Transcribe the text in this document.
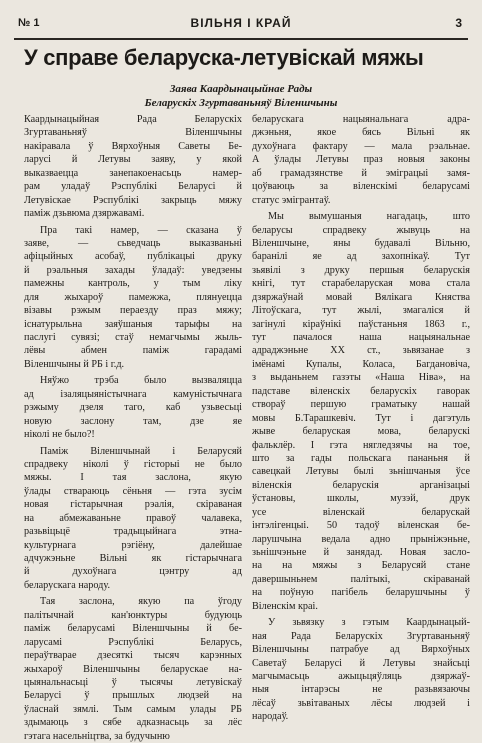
№ 1	ВІЛЬНЯ І КРАЙ	3
У справе беларуска-летувіскай мяжы
Заява Каардынацыйнае Рады
Беларускіх Згуртаваньняў Віленшчыны
Каардынацыйная Рада Беларускіх
Згуртаваньняў Віленшчыны
накіравала ў Вярхоўныя Саветы Бе-
ларусі й Летувы заяву, у якой
выказваецца занепакоенасьць намер-
рам уладаў Рэспублікі Беларусі й
Летувіскае Рэспублікі закрыць мяжу
паміж дзьвюма дзяржавамі.
Пра такі намер, — сказана ў
заяве, — сьведчаць выказваньні
афіцыйных асобаў, публікацыі друку
й рэальныя захады ўладаў: уведзены
памежны кантроль, у тым ліку
для жыхароў памежжа, плянуецца
візавы рэжым пераезду праз мяжу;
існатурыльна заяўшаныя тарыфы на
паслугі сувязі; стаў немагчымы жыль-
лёвы абмен паміж гарадамі
Віленшчыны й РБ і г.д.
Няўжо трэба было вызваляцца
ад ізаляцыяністычнага камуністычнага
рэжыму дзеля таго, каб узьвесьці
новую заслону там, дзе яе
ніколі не было?!
Паміж Віленшчынай і Беларусяй
спрадвеку ніколі ў гісторыі не было
мяжы. І тая заслона, якую
ўлады ствараюць сёньня — гэта зусім
новая гістарычная рэалія, скіраваная
на абмежаваньне правоў чалавека,
разьвіцьцё традыцыйнага этна-
культурнага рэгіёну, далейшае
адчужэньне Вільні як гістарычнага
й духоўнага цэнтру ад
беларускага народу.
Тая заслона, якую па ўгоду
палітычнай кан'юнктуры будуюць
паміж беларусамі Віленшчыны й бе-
ларусамі Рэспублікі Беларусь,
пераўтварае дзесяткі тысяч карэнных
жыхароў Віленшчыны беларускае на-
цыянальнасьці ў тысячы летувіскаў
Беларусі ў прышлых людзей на
ўласнай зямлі. Тым самым улады РБ
здымаюць з сябе адказнасьць за лёс
гэтага насельніцтва, за будучыню
беларускага нацыянальнага адра-
джэньня, якое бясь Вільні як
духоўнага фактару — мала рэальнае.
А ўлады Летувы праз новыя законы
аб грамадзянстве й эміграцыі замя-
цоўваюць за віленскімі беларусамі
статус эмігрантаў.
Мы вымушаныя нагадаць, што
беларусы спрадвеку жывуць на
Віленшчыне, яны будавалі Вільню,
баранілі яе ад захопнікаў. Тут
зьявілі з друку першыя беларускія
кнігі, тут старабеларуская мова стала
дзяржаўнай мовай Вялікага Княства
Літоўскага, тут жылі, змагаліся й
загінулі кіраўнікі паўстаньня 1863 г.,
тут пачалося наша нацыянальнае
адраджэньне XX ст., зьвязанае з
імёнамі Купалы, Коласа, Багдановіча,
з выданьнем газэты «Наша Ніва», на
падставе віленскіх беларускіх гаворак
створаў першую граматыку нашай
мовы Б.Тарашкевіч. Тут і дагэтуль
жыве беларуская мова, беларускі
фальклёр. І гэта нягледзячы на тое,
што за гады польскага пананьня й
савецкай Летувы былі зьнішчаныя ўсе
віленскія беларускія арганізацыі
ўстановы, школы, музэй, друк
усе віленскай беларускай
інтэлігенцыі. 50 тадоў віленская бе-
ларушчына ведала адно прыніжэньне,
зьнішчэньне й занядад. Новая засло-
на на мяжы з Беларусяй стане
давершыньнем палітыкі, скіраванай
на поўную пагібель беларушчыны ў
Віленскім краі.
У зьвязку з гэтым Каардынацый-
ная Рада Беларускіх Згуртаваньняў
Віленшчыны патрабуе ад Вярхоўных
Саветаў Беларусі й Летувы знайсьці
магчымасьць ажыцьцяўляць дзяржаў-
ныя інтарэсы не разьвязаючы
лёсаў зьвітаваных лёсы людзей і
народаў.
